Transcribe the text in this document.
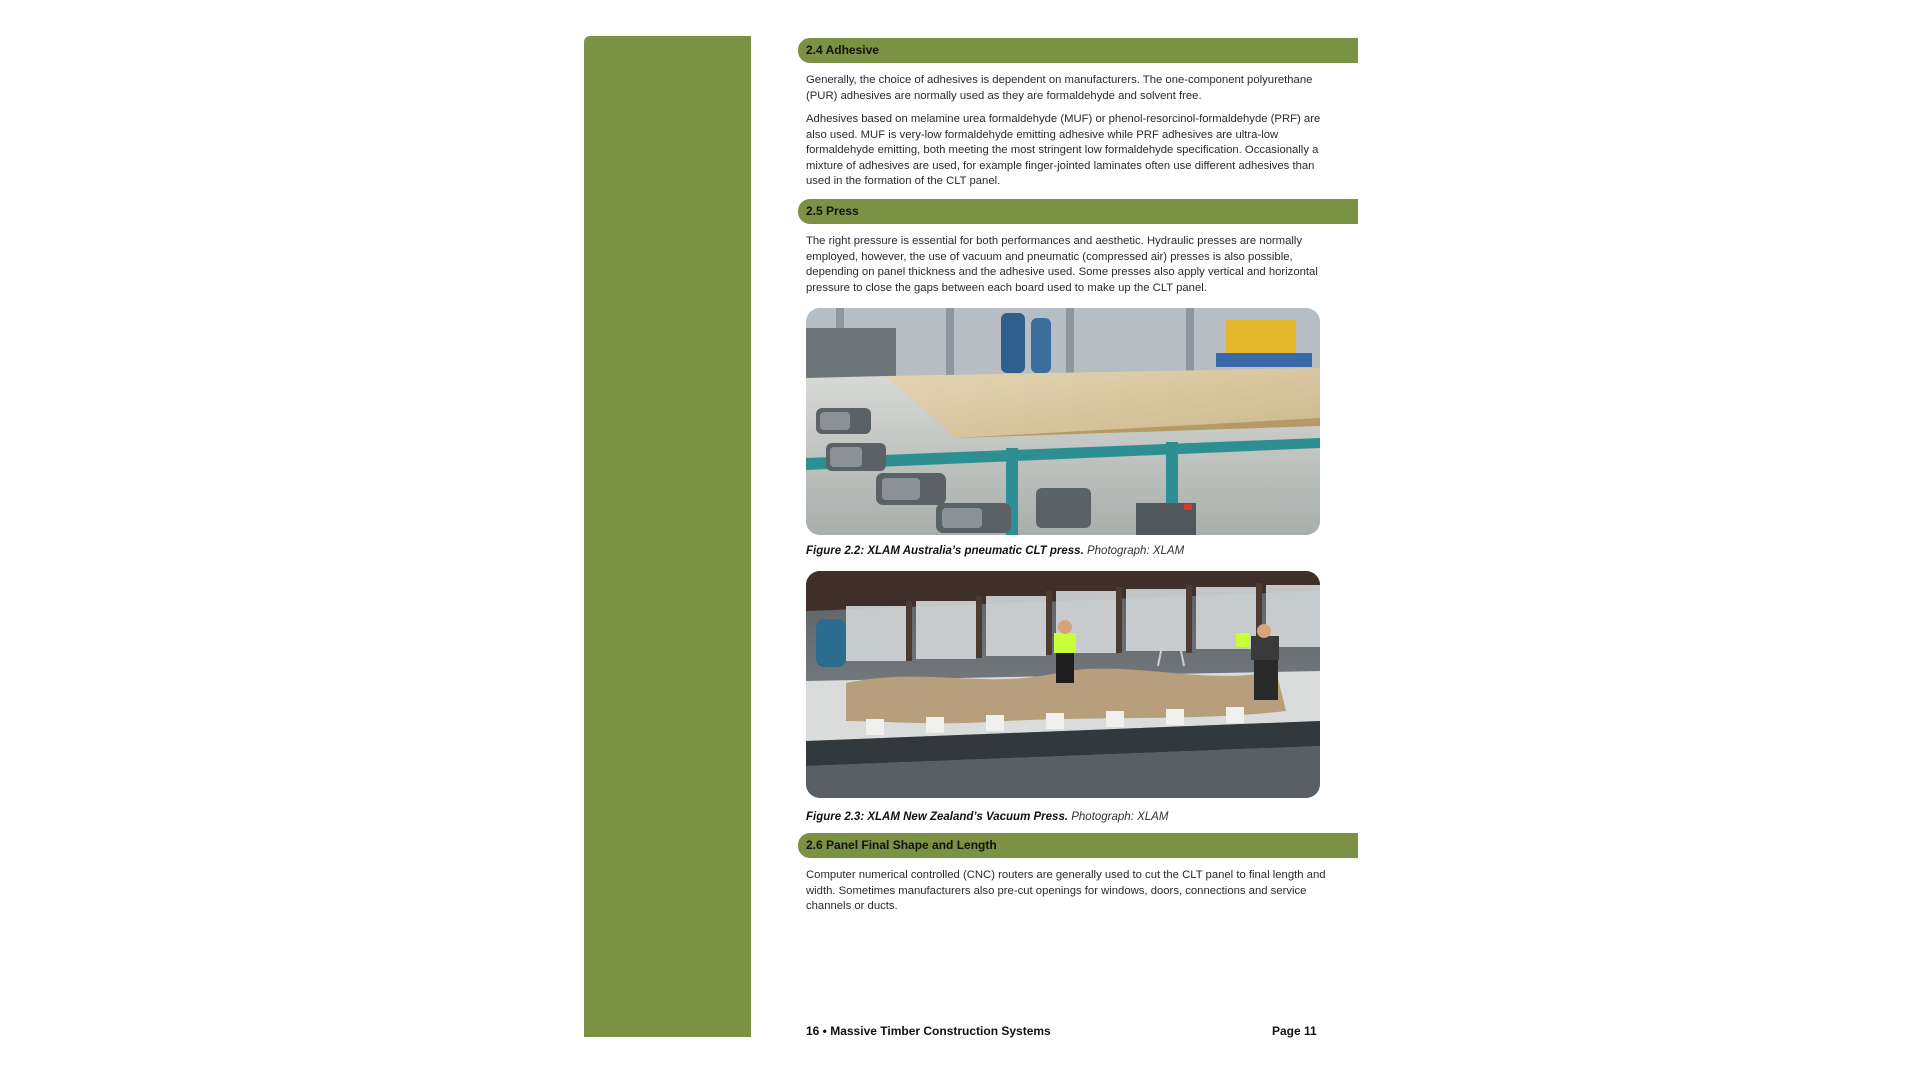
2.4 Adhesive

Generally, the choice of adhesives is dependent on manufacturers. The one-component polyurethane (PUR) adhesives are normally used as they are formaldehyde and solvent free.

Adhesives based on melamine urea formaldehyde (MUF) or phenol-resorcinol-formaldehyde (PRF) are also used. MUF is very-low formaldehyde emitting adhesive while PRF adhesives are ultra-low formaldehyde emitting, both meeting the most stringent low formaldehyde specification. Occasionally a mixture of adhesives are used, for example finger-jointed laminates often use different adhesives than used in the formation of the CLT panel.

2.5 Press

The right pressure is essential for both performances and aesthetic. Hydraulic presses are normally employed, however, the use of vacuum and pneumatic (compressed air) presses is also possible, depending on panel thickness and the adhesive used. Some presses also apply vertical and horizontal pressure to close the gaps between each board used to make up the CLT panel.

Figure 2.2: XLAM Australia’s pneumatic CLT press. Photograph: XLAM
Figure 2.3: XLAM New Zealand’s Vacuum Press. Photograph: XLAM
2.6 Panel Final Shape and Length

Computer numerical controlled (CNC) routers are generally used to cut the CLT panel to final length and width. Sometimes manufacturers also pre-cut openings for windows, doors, connections and service channels or ducts.

16 • Massive Timber Construction Systems	Page 11
